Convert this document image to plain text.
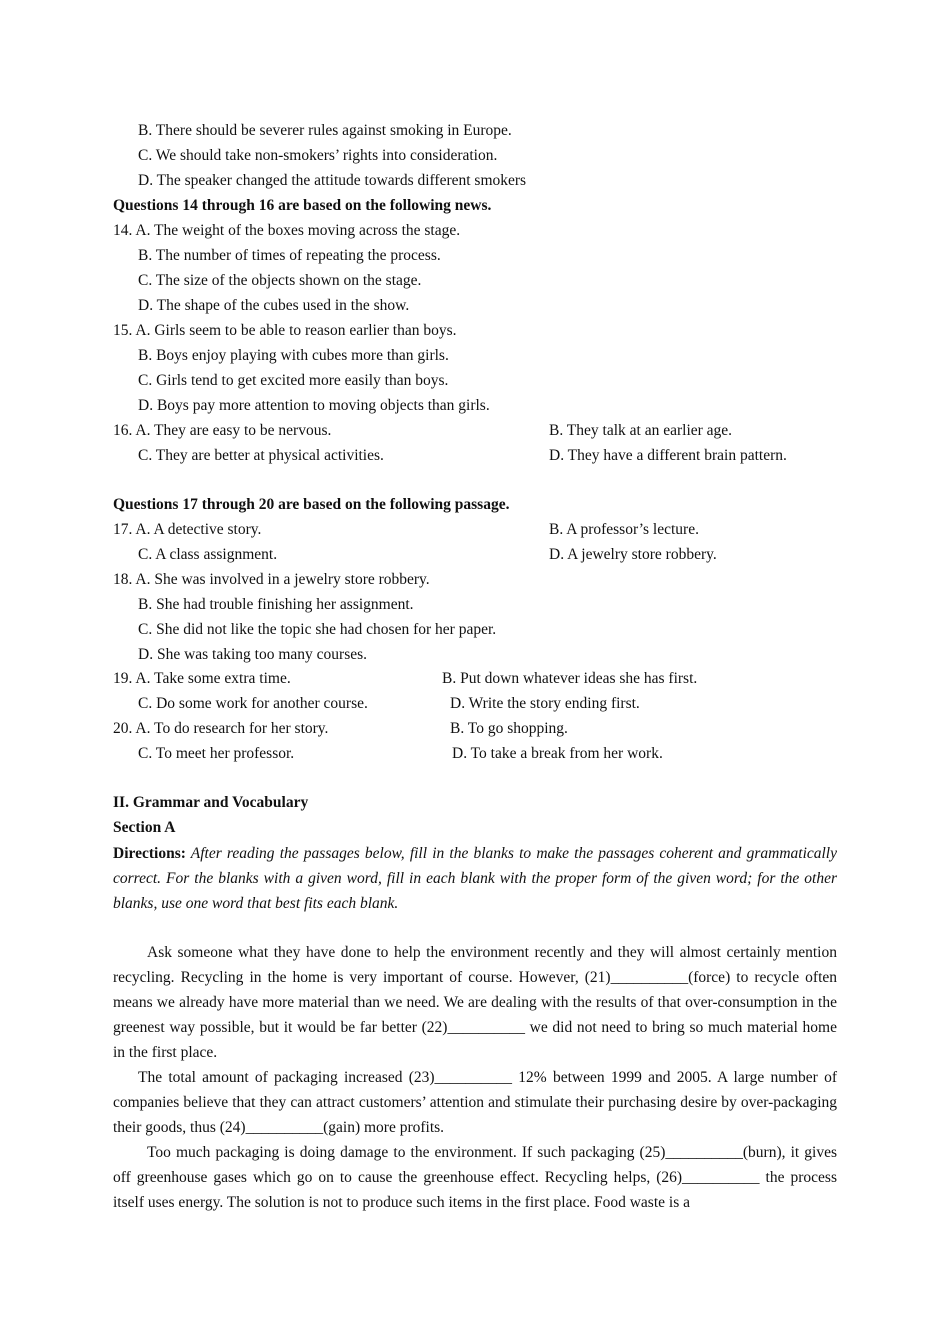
B. There should be severer rules against smoking in Europe.
C. We should take non-smokers’ rights into consideration.
D. The speaker changed the attitude towards different smokers
Questions 14 through 16 are based on the following news.
14. A. The weight of the boxes moving across the stage.
B. The number of times of repeating the process.
C. The size of the objects shown on the stage.
D. The shape of the cubes used in the show.
15. A. Girls seem to be able to reason earlier than boys.
B. Boys enjoy playing with cubes more than girls.
C. Girls tend to get excited more easily than boys.
D. Boys pay more attention to moving objects than girls.
16. A. They are easy to be nervous.	B. They talk at an earlier age.
C. They are better at physical activities.	D. They have a different brain pattern.
Questions 17 through 20 are based on the following passage.
17. A. A detective story.	B. A professor’s lecture.
C. A class assignment.	D. A jewelry store robbery.
18. A. She was involved in a jewelry store robbery.
B. She had trouble finishing her assignment.
C. She did not like the topic she had chosen for her paper.
D. She was taking too many courses.
19. A. Take some extra time.	B. Put down whatever ideas she has first.
C. Do some work for another course.	D. Write the story ending first.
20. A. To do research for her story.	B. To go shopping.
C. To meet her professor.	D. To take a break from her work.
II. Grammar and Vocabulary
Section A

Directions: After reading the passages below, fill in the blanks to make the passages coherent and grammatically correct. For the blanks with a given word, fill in each blank with the proper form of the given word; for the other blanks, use one word that best fits each blank.

Ask someone what they have done to help the environment recently and they will almost certainly mention recycling. Recycling in the home is very important of course. However, (21)__________(force) to recycle often means we already have more material than we need. We are dealing with the results of that over-consumption in the greenest way possible, but it would be far better (22)__________ we did not need to bring so much material home in the first place.

The total amount of packaging increased (23)__________ 12% between 1999 and 2005. A large number of companies believe that they can attract customers’ attention and stimulate their purchasing desire by over-packaging their goods, thus (24)__________(gain) more profits.

Too much packaging is doing damage to the environment. If such packaging (25)__________(burn), it gives off greenhouse gases which go on to cause the greenhouse effect. Recycling helps, (26)__________ the process itself uses energy. The solution is not to produce such items in the first place. Food waste is a
